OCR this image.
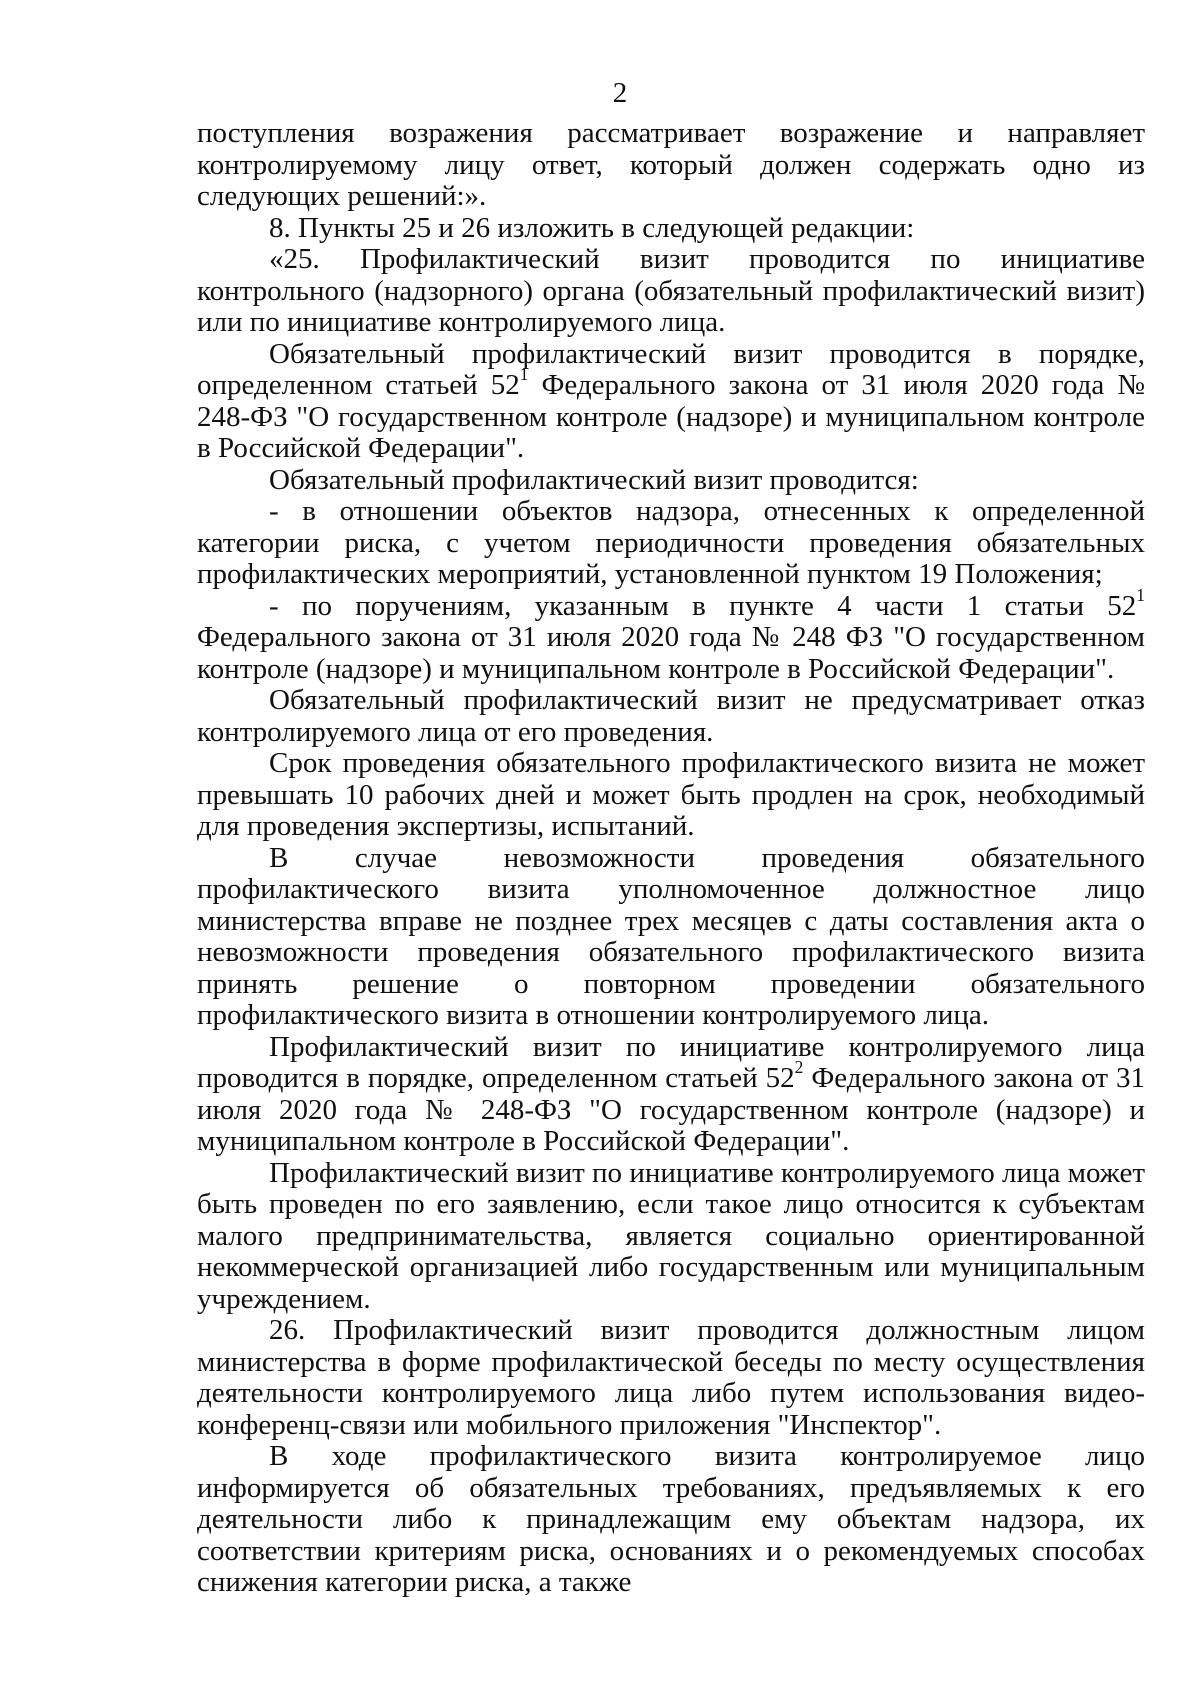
2

поступления возражения рассматривает возражение и направляет контролируемому лицу ответ, который должен содержать одно из следующих решений:».

8. Пункты 25 и 26 изложить в следующей редакции:

«25. Профилактический визит проводится по инициативе контрольного (надзорного) органа (обязательный профилактический визит) или по инициативе контролируемого лица.

Обязательный профилактический визит проводится в порядке, определенном статьей $52^1$ Федерального закона от 31 июля 2020 года № 248-ФЗ "О государственном контроле (надзоре) и муниципальном контроле в Российской Федерации".

Обязательный профилактический визит проводится:

- в отношении объектов надзора, отнесенных к определенной категории риска, с учетом периодичности проведения обязательных профилактических мероприятий, установленной пунктом 19 Положения;

- по поручениям, указанным в пункте 4 части 1 статьи $52^1$ Федерального закона от 31 июля 2020 года № 248 ФЗ "О государственном контроле (надзоре) и муниципальном контроле в Российской Федерации".

Обязательный профилактический визит не предусматривает отказ контролируемого лица от его проведения.

Срок проведения обязательного профилактического визита не может превышать 10 рабочих дней и может быть продлен на срок, необходимый для проведения экспертизы, испытаний.

В случае невозможности проведения обязательного профилактического визита уполномоченное должностное лицо министерства вправе не позднее трех месяцев с даты составления акта о невозможности проведения обязательного профилактического визита принять решение о повторном проведении обязательного профилактического визита в отношении контролируемого лица.

Профилактический визит по инициативе контролируемого лица проводится в порядке, определенном статьей $52^2$ Федерального закона от 31 июля 2020 года № 248-ФЗ "О государственном контроле (надзоре) и муниципальном контроле в Российской Федерации".

Профилактический визит по инициативе контролируемого лица может быть проведен по его заявлению, если такое лицо относится к субъектам малого предпринимательства, является социально ориентированной некоммерческой организацией либо государственным или муниципальным учреждением.

26. Профилактический визит проводится должностным лицом министерства в форме профилактической беседы по месту осуществления деятельности контролируемого лица либо путем использования видео-конференц-связи или мобильного приложения "Инспектор".

В ходе профилактического визита контролируемое лицо информируется об обязательных требованиях, предъявляемых к его деятельности либо к принадлежащим ему объектам надзора, их соответствии критериям риска, основаниях и о рекомендуемых способах снижения категории риска, а также
